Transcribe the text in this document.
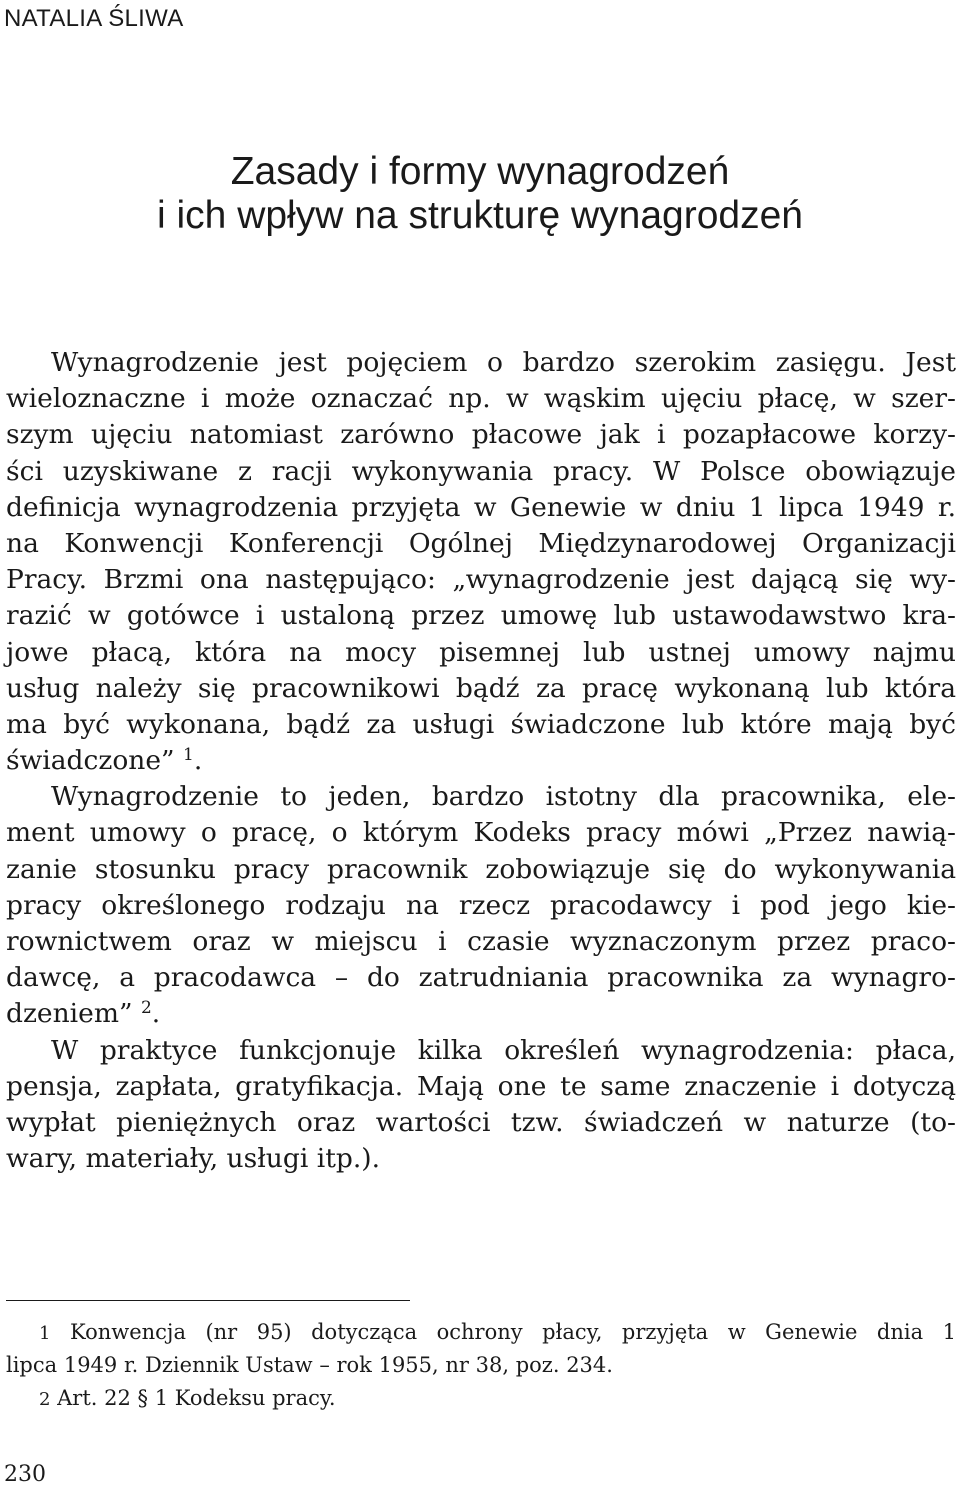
NATALIA ŚLIWA
Zasady i formy wynagrodzeń
i ich wpływ na strukturę wynagrodzeń
Wynagrodzenie jest pojęciem o bardzo szerokim zasięgu. Jest
wieloznaczne i może oznaczać np. w wąskim ujęciu płacę, w szer-
szym ujęciu natomiast zarówno płacowe jak i pozapłacowe korzy-
ści uzyskiwane z racji wykonywania pracy. W Polsce obowiązuje
definicja wynagrodzenia przyjęta w Genewie w dniu 1 lipca 1949 r.
na Konwencji Konferencji Ogólnej Międzynarodowej Organizacji
Pracy. Brzmi ona następująco: „wynagrodzenie jest dającą się wy-
razić w gotówce i ustaloną przez umowę lub ustawodawstwo kra-
jowe płacą, która na mocy pisemnej lub ustnej umowy najmu
usług należy się pracownikowi bądź za pracę wykonaną lub która
ma być wykonana, bądź za usługi świadczone lub które mają być
świadczone” $^1$.
Wynagrodzenie to jeden, bardzo istotny dla pracownika, ele-
ment umowy o pracę, o którym Kodeks pracy mówi „Przez nawią-
zanie stosunku pracy pracownik zobowiązuje się do wykonywania
pracy określonego rodzaju na rzecz pracodawcy i pod jego kie-
rownictwem oraz w miejscu i czasie wyznaczonym przez praco-
dawcę, a pracodawca – do zatrudniania pracownika za wynagro-
dzeniem” $^2$.
W praktyce funkcjonuje kilka określeń wynagrodzenia: płaca,
pensja, zapłata, gratyfikacja. Mają one te same znaczenie i dotyczą
wypłat pieniężnych oraz wartości tzw. świadczeń w naturze (to-
wary, materiały, usługi itp.).
1 Konwencja (nr 95) dotycząca ochrony płacy, przyjęta w Genewie dnia 1
lipca 1949 r. Dziennik Ustaw – rok 1955, nr 38, poz. 234.
2 Art. 22 § 1 Kodeksu pracy.
230
